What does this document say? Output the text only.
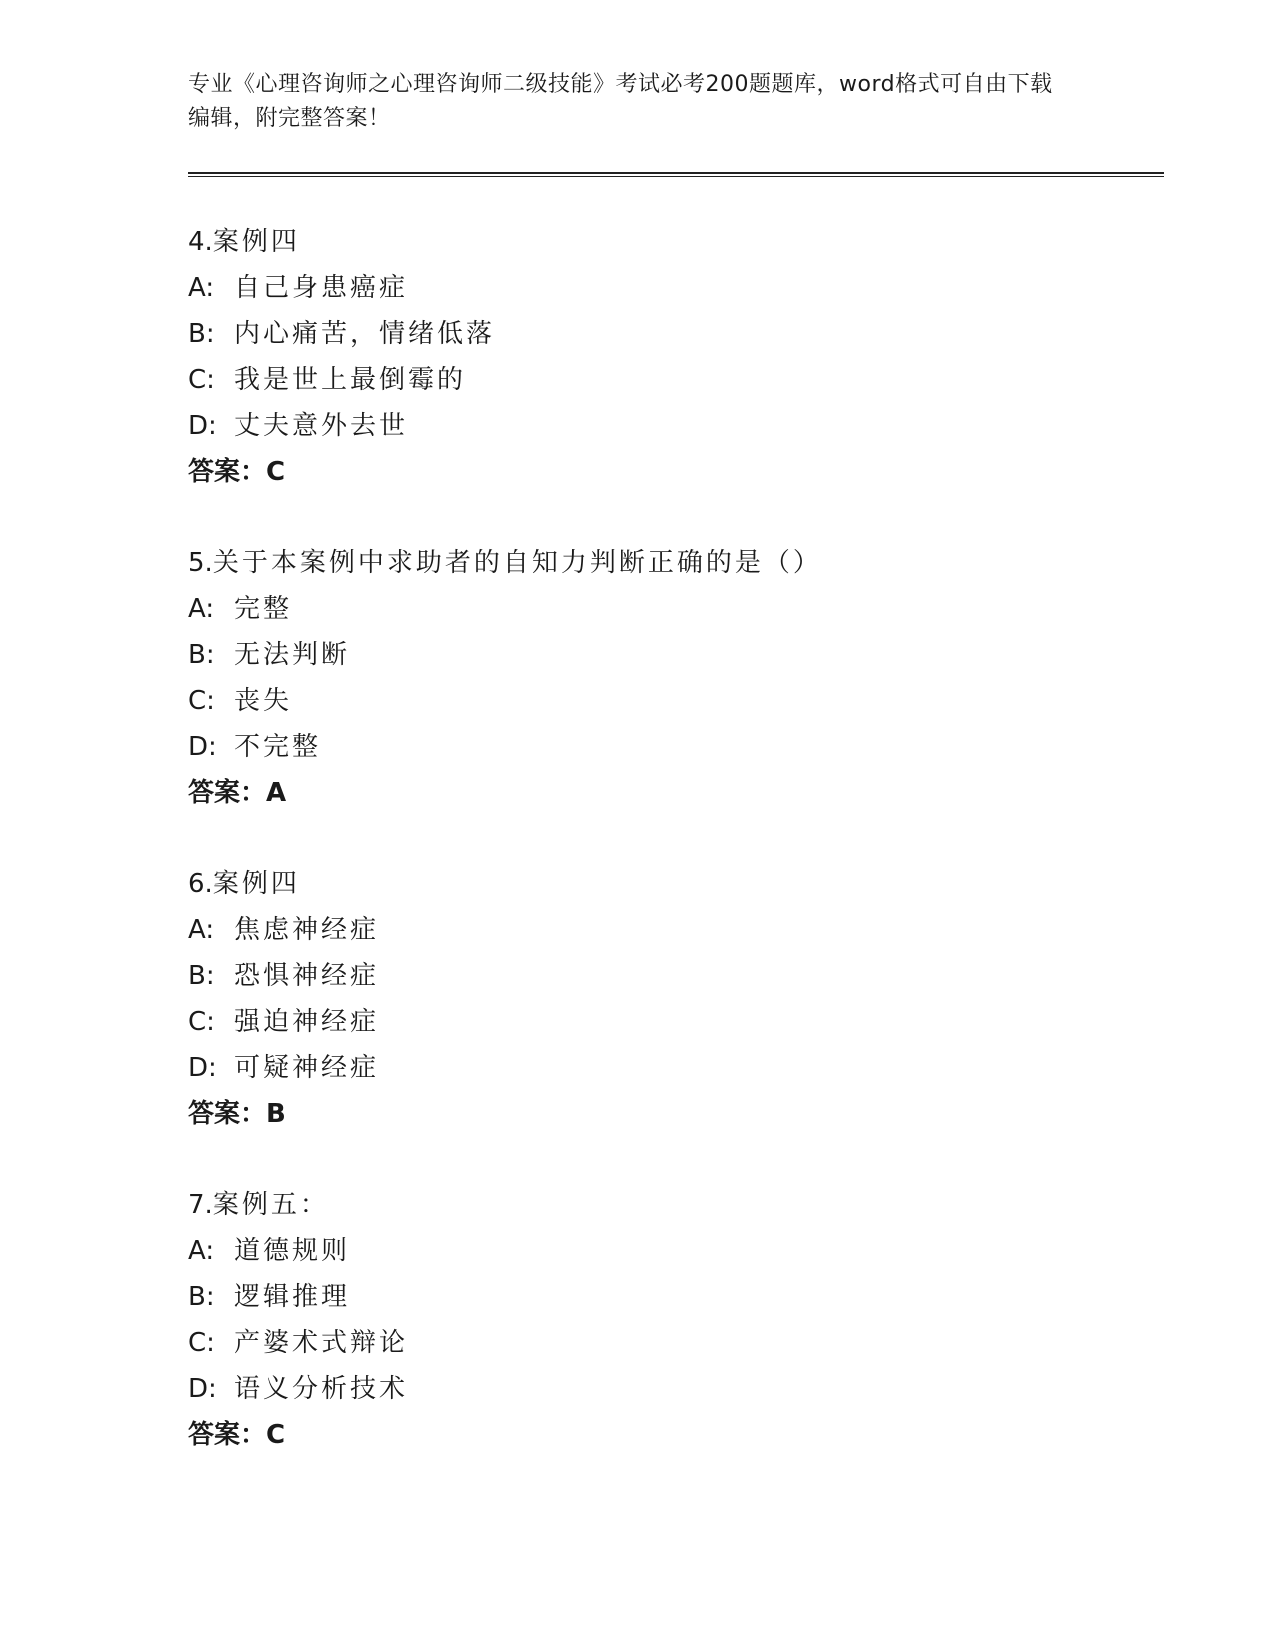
专业《心理咨询师之心理咨询师二级技能》考试必考200题题库，word格式可自由下载编辑，附完整答案！

4.案例四
A: 自己身患癌症
B: 内心痛苦，情绪低落
C: 我是世上最倒霉的
D: 丈夫意外去世
答案：C
5.关于本案例中求助者的自知力判断正确的是（）
A: 完整
B: 无法判断
C: 丧失
D: 不完整
答案：A
6.案例四
A: 焦虑神经症
B: 恐惧神经症
C: 强迫神经症
D: 可疑神经症
答案：B
7.案例五：
A: 道德规则
B: 逻辑推理
C: 产婆术式辩论
D: 语义分析技术
答案：C
